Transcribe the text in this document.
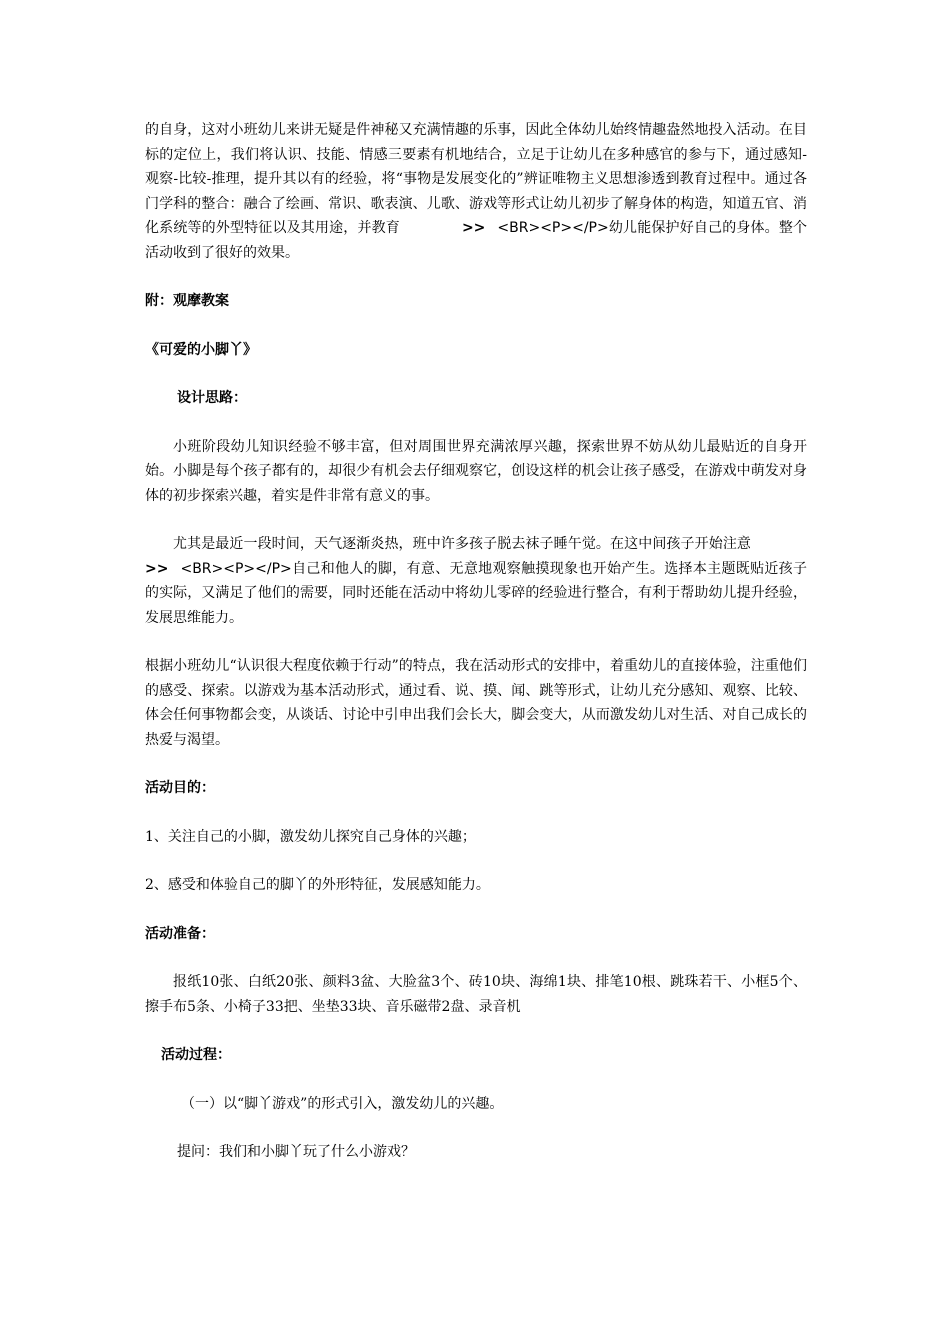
的自身，这对小班幼儿来讲无疑是件神秘又充满情趣的乐事，因此全体幼儿始终情趣盎然地投入活动。在目标的定位上，我们将认识、技能、情感三要素有机地结合，立足于让幼儿在多种感官的参与下，通过感知-观察-比较-推理，提升其以有的经验，将“事物是发展变化的”辨证唯物主义思想渗透到教育过程中。通过各门学科的整合：融合了绘画、常识、歌表演、儿歌、游戏等形式让幼儿初步了解身体的构造，知道五官、消化系统等的外型特征以及其用途，并教育	>> <BR><P></P>幼儿能保护好自己的身体。整个活动收到了很好的效果。

附：观摩教案

《可爱的小脚丫》

设计思路：

小班阶段幼儿知识经验不够丰富，但对周围世界充满浓厚兴趣，探索世界不妨从幼儿最贴近的自身开始。小脚是每个孩子都有的，却很少有机会去仔细观察它，创设这样的机会让孩子感受，在游戏中萌发对身体的初步探索兴趣，着实是件非常有意义的事。

尤其是最近一段时间，天气逐渐炎热，班中许多孩子脱去袜子睡午觉。在这中间孩子开始注意>> <BR><P></P>自己和他人的脚，有意、无意地观察触摸现象也开始产生。选择本主题既贴近孩子的实际，又满足了他们的需要，同时还能在活动中将幼儿零碎的经验进行整合，有利于帮助幼儿提升经验，发展思维能力。

根据小班幼儿“认识很大程度依赖于行动”的特点，我在活动形式的安排中，着重幼儿的直接体验，注重他们的感受、探索。以游戏为基本活动形式，通过看、说、摸、闻、跳等形式，让幼儿充分感知、观察、比较、体会任何事物都会变，从谈话、讨论中引申出我们会长大，脚会变大，从而激发幼儿对生活、对自己成长的热爱与渴望。

活动目的：

1、关注自己的小脚，激发幼儿探究自己身体的兴趣；

2、感受和体验自己的脚丫的外形特征，发展感知能力。

活动准备：

报纸10张、白纸20张、颜料3盆、大脸盆3个、砖10块、海绵1块、排笔10根、跳珠若干、小框5个、擦手布5条、小椅子33把、坐垫33块、音乐磁带2盘、录音机

活动过程：

（一）以“脚丫游戏”的形式引入，激发幼儿的兴趣。

提问：我们和小脚丫玩了什么小游戏？
